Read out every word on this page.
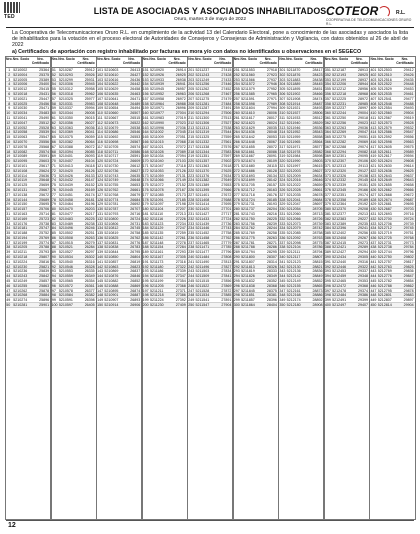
TED
LISTA DE ASOCIADAS Y ASOCIADOS INHABILITADOS
Oruro, martes 3 de mayo de 2022
COTEOR	R.L.
COOPERATIVA DE TELECOMUNICACIONES ORURO R.L.
La Cooperativa de Telecomunicaciones Oruro R.L. en cumplimiento de la actividad 13 del Calendario Electoral, pone a conocimiento de las asociadas y asociados la lista de inhabilitados para la votación en el proceso electoral de Autoridades de Consejeros y Consejeras de Administración y Vigilancia, con datos obtenidos al 26 de abril de 2022
a) Certificados de aportación con registro inhabilitado por facturas en mora y/o con datos no identificados u observaciones en el SEGECO
Nro. Nro. Socio	Nro. Certificado
1 5210002	25364
2 5210004	25375
3 5210005	25389
4 5210006	25400
5 5210012	25415
6 5210018	25431
7 5210021	25447
8 5210025	25456
9 5210030	25471
10 5210034	25483
11 5210041	25490
12 5210047	25512
13 5210052	25528
14 5210058	25539
15 5210063	25547
16 5210070	25556
17 5210078	25568
18 5210082	25574
19 5210089	25591
20 5210095	25603
21 5210101	25617
22 5210108	25624
23 5210114	25636
24 5210119	25648
25 5210125	25659
26 5210131	25667
27 5210138	25672
28 5210144	25689
29 5210150	25695
30 5210157	25706
31 5210163	25714
32 5210169	25723
33 5210176	25738
34 5210181	25747
35 5210188	25752
36 5210194	25769
37 5210199	25774
38 5210205	25788
39 5210211	25793
40 5210218	25807
41 5210224	25816
42 5210230	25821
43 5210236	25839
44 5210243	25842
45 5210249	25857
46 5210255	25863
47 5210262	25878
48 5210268	25884
49 5210274	25896
50 5210281	25901
Nro. Nro. Socio	Nro. Certificado
51 5210287	25912
52 5210293	25926
53 5210299	25931
54 5210306	25945
55 5210312	25958
56 5210318	25962
57 5210325	25977
58 5210331	25983
59 5210337	25994
60 5210344	26008
61 5210350	26015
62 5210356	26027
63 5210363	26036
64 5210369	26041
65 5210375	26059
66 5210382	26064
67 5210388	26072
68 5210394	26085
69 5210401	26093
70 5210407	26104
71 5210413	26118
72 5210420	26126
73 5210426	26133
74 5210432	26147
75 5210439	26152
76 5210445	26169
77 5210451	26174
78 5210458	26181
79 5210464	26196
80 5210470	26203
81 5210477	26217
82 5210483	26225
83 5210489	26238
84 5210496	26246
85 5210502	26251
86 5210508	26263
87 5210515	26279
88 5210521	26284
89 5210527	26297
90 5210534	26302
91 5210540	26316
92 5210546	26328
93 5210553	26335
94 5210559	26349
95 5210565	26354
96 5210572	26361
97 5210578	26377
98 5210584	26382
99 5210591	26398
100 5210597	26405
Nro. Nro. Socio	Nro. Certificado
101 5210603	26413
102 5210610	26427
103 5210616	26436
104 5210622	26442
105 5210629	26458
106 5210635	26463
107 5210641	26471
108 5210648	26489
109 5210654	26494
110 5210660	26507
111 5210667	26515
112 5210673	26522
113 5210679	26538
114 5210686	26546
115 5210692	26553
116 5210698	26567
117 5210705	26574
118 5210711	26586
119 5210717	26591
120 5210724	26609
121 5210730	26612
122 5210736	26627
123 5210743	26635
124 5210749	26648
125 5210755	26653
126 5210762	26661
127 5210768	26679
128 5210774	26684
129 5210781	26692
130 5210787	26707
131 5210793	26716
132 5210800	26724
133 5210806	26731
134 5210812	26745
135 5210819	26758
136 5210825	26762
137 5210831	26776
138 5210838	26783
139 5210844	26795
140 5210850	26804
141 5210857	26819
142 5210863	26823
143 5210869	26837
144 5210876	26846
145 5210882	26852
146 5210888	26869
147 5210895	26874
148 5210901	26887
149 5210907	26893
150 5210914	26906
Nro. Nro. Socio	Nro. Certificado
151 5210920	26914
152 5210926	26925
153 5210933	26938
154 5210939	26941
155 5210945	26957
156 5210952	26963
157 5210958	26972
158 5210964	26988
159 5210971	26996
160 5210977	27004
161 5210983	27019
162 5210990	27023
163 5210996	27036
164 5211002	27045
165 5211009	27051
166 5211015	27068
167 5211021	27072
168 5211028	27089
169 5211034	27094
170 5211040	27103
171 5211047	27118
172 5211053	27126
173 5211059	27131
174 5211066	27149
175 5211072	27152
176 5211078	27167
177 5211085	27173
178 5211091	27185
179 5211097	27198
180 5211104	27207
181 5211110	27213
182 5211116	27226
183 5211123	27234
184 5211129	27247
185 5211135	27259
186 5211142	27261
187 5211148	27278
188 5211154	27284
189 5211161	27293
190 5211167	27305
191 5211173	27316
192 5211180	27322
193 5211186	27339
194 5211192	27347
195 5211199	27354
196 5211205	27368
197 5211211	27371
198 5211218	27386
199 5211224	27392
200 5211230	27409
Nro. Nro. Socio	Nro. Certificado
201 5211237	27415
202 5211243	27428
203 5211249	27433
204 5211256	27446
205 5211262	27452
206 5211268	27467
207 5211275	27479
208 5211281	27484
209 5211287	27491
210 5211294	27506
211 5211300	27513
212 5211306	27527
213 5211313	27538
214 5211319	27544
215 5211325	27559
216 5211332	27561
217 5211338	27576
218 5211344	27583
219 5211351	27597
220 5211357	27602
221 5211363	27618
222 5211370	27625
223 5211376	27634
224 5211382	27649
225 5211389	27653
226 5211395	27666
227 5211401	27672
228 5211408	27688
229 5211414	27695
230 5211420	27701
231 5211427	27717
232 5211433	27724
233 5211439	27736
234 5211446	27743
235 5211452	27758
236 5211458	27762
237 5211465	27779
238 5211471	27785
239 5211477	27796
240 5211484	27808
241 5211490	27813
242 5211496	27827
243 5211503	27834
244 5211509	27841
245 5211515	27856
246 5211522	27869
247 5211528	27872
248 5211534	27885
249 5211541	27891
250 5211547	27904
Nro. Nro. Socio	Nro. Certificado
251 5211553	27918
252 5211560	27923
253 5211566	27937
254 5211572	27946
255 5211579	27952
256 5211585	27965
257 5211591	27971
258 5211598	27989
259 5211604	27994
260 5211610	28006
261 5211617	28017
262 5211623	28024
263 5211629	28035
264 5211636	28048
265 5211642	28053
266 5211648	28067
267 5211655	28072
268 5211661	28086
269 5211667	28091
270 5211674	28109
271 5211680	28115
272 5211686	28128
273 5211693	28134
274 5211699	28142
275 5211705	28157
276 5211712	28163
277 5211718	28176
278 5211724	28185
279 5211731	28193
280 5211737	28204
281 5211743	28216
282 5211750	28225
283 5211756	28239
284 5211762	28244
285 5211769	28258
286 5211775	28263
287 5211781	28271
288 5211788	28286
289 5211794	28295
290 5211800	28307
291 5211807	28314
292 5211813	28326
293 5211819	28333
294 5211826	28349
295 5211832	28352
296 5211838	28368
297 5211845	28375
298 5211851	28381
299 5211857	28396
300 5211864	28404
Nro. Nro. Socio	Nro. Certificado
301 5211870	28417
302 5211876	28423
303 5211883	28438
304 5211889	28445
305 5211895	28451
306 5211902	28466
307 5211908	28474
308 5211914	28487
309 5211921	28493
310 5211927	28506
311 5211933	28512
312 5211940	28529
313 5211946	28536
314 5211952	28543
315 5211959	28558
316 5211965	28564
317 5211971	28577
318 5211978	28582
319 5211984	28598
320 5211990	28603
321 5211997	28615
322 5212003	28627
323 5212009	28634
324 5212016	28646
325 5212022	28659
326 5212028	28661
327 5212035	28678
328 5212041	28684
329 5212047	28697
330 5212054	28705
331 5212060	28713
332 5212066	28726
333 5212073	28739
334 5212079	28742
335 5212085	28758
336 5212092	28763
337 5212098	28775
338 5212104	28786
339 5212111	28794
340 5212117	28807
341 5212123	28815
342 5212130	28821
343 5212136	28836
344 5212142	28849
345 5212149	28852
346 5212155	28865
347 5212161	28873
348 5212168	28886
349 5212174	28892
350 5212180	28908
Nro. Nro. Socio	Nro. Certificado
351 5212187	28913
352 5212193	28925
353 5212199	28937
354 5212206	28944
355 5212212	28956
356 5212218	28968
357 5212225	28972
358 5212231	28985
359 5212237	28997
360 5212244	29004
361 5212250	29018
362 5212256	29023
363 5212263	29036
364 5212269	29047
365 5212275	29051
366 5212282	29069
367 5212288	29074
368 5212294	29082
369 5212301	29095
370 5212307	29106
371 5212313	29113
372 5212320	29127
373 5212326	29138
374 5212332	29145
375 5212339	29151
376 5212345	29166
377 5212351	29174
378 5212358	29189
379 5212364	29192
380 5212370	29208
381 5212377	29213
382 5212383	29227
383 5212389	29235
384 5212396	29241
385 5212402	29256
386 5212408	29267
387 5212415	29273
388 5212421	29289
389 5212427	29294
390 5212434	29305
391 5212440	29316
392 5212446	29322
393 5212453	29337
394 5212459	29348
395 5212465	29353
396 5212472	29368
397 5212478	29374
398 5212484	29386
399 5212491	29399
400 5212497	29407
Nro. Nro. Socio	Nro. Certificado
401 5212503	29412
402 5212510	29426
403 5212516	29435
404 5212522	29448
405 5212529	29453
406 5212535	29461
407 5212541	29477
408 5212548	29488
409 5212554	29493
410 5212560	29504
411 5212567	29519
412 5212573	29528
413 5212579	29532
414 5212586	29547
415 5212592	29556
416 5212598	29563
417 5212605	29575
418 5212611	29589
419 5212617	29594
420 5212624	29608
421 5212630	29614
422 5212636	29625
423 5212643	29637
424 5212649	29643
425 5212655	29658
426 5212662	29666
427 5212668	29672
428 5212674	29687
429 5212681	29695
430 5212687	29703
431 5212693	29716
432 5212700	29724
433 5212706	29739
434 5212712	29745
435 5212719	29751
436 5212725	29768
437 5212731	29773
438 5212738	29784
439 5212744	29796
440 5212750	29802
441 5212757	29817
442 5212763	29825
443 5212769	29836
444 5212776	29847
445 5212782	29854
446 5212788	29862
447 5212795	29878
448 5212801	29883
449 5212807	29897
450 5212814	29904
12
